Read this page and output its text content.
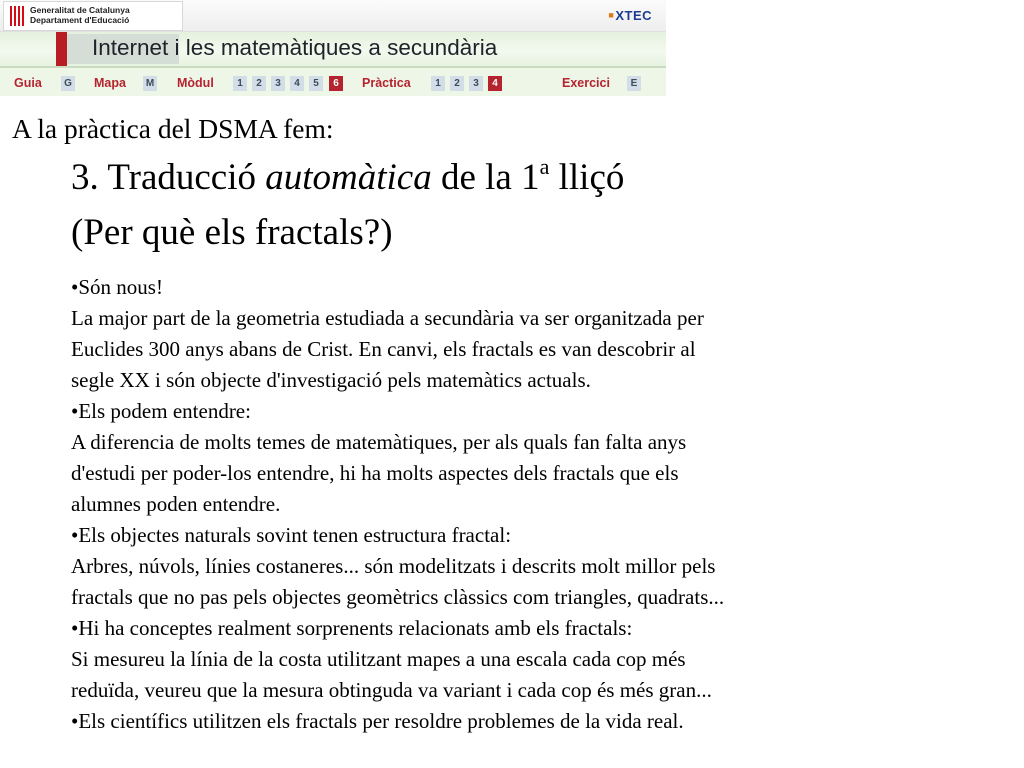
Generalitat de Catalunya
Departament d'Educació	■XTEC
Internet i les matemàtiques a secundària
Guia	G Mapa M Mòdul	1	2	3	4	5	6	Pràctica	1	2	3	4	Exercici	E
A la pràctica del DSMA fem:
3. Traducció automàtica de la 1$^a$ lliçó
(Per què els fractals?)

•Són nous!

La major part de la geometria estudiada a secundària va ser organitzada per

Euclides 300 anys abans de Crist. En canvi, els fractals es van descobrir al

segle XX i són objecte d'investigació pels matemàtics actuals.

•Els podem entendre:

A diferencia de molts temes de matemàtiques, per als quals fan falta anys

d'estudi per poder-los entendre, hi ha molts aspectes dels fractals que els

alumnes poden entendre.

•Els objectes naturals sovint tenen estructura fractal:

Arbres, núvols, línies costaneres... són modelitzats i descrits molt millor pels

fractals que no pas pels objectes geomètrics clàssics com triangles, quadrats...

•Hi ha conceptes realment sorprenents relacionats amb els fractals:

Si mesureu la línia de la costa utilitzant mapes a una escala cada cop més

reduïda, veureu que la mesura obtinguda va variant i cada cop és més gran...

•Els científics utilitzen els fractals per resoldre problemes de la vida real.
